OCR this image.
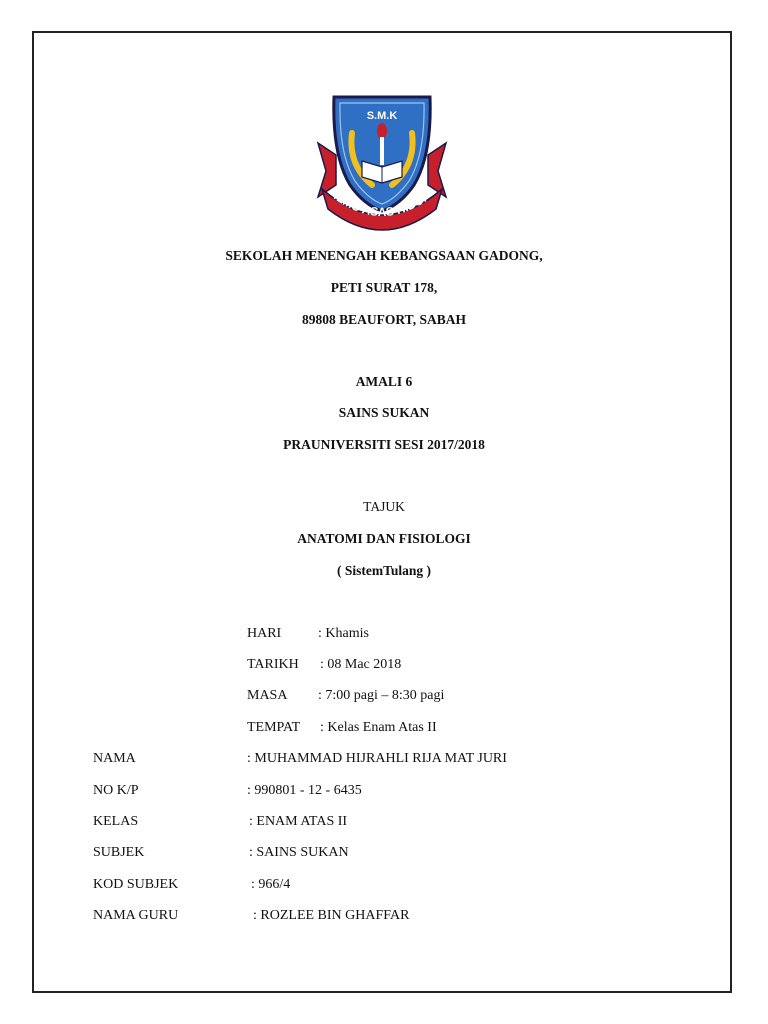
S.M.K
ILMU ASAS HIDUP
SEKOLAH MENENGAH KEBANGSAAN GADONG,
PETI SURAT 178,
89808 BEAUFORT, SABAH
AMALI 6
SAINS SUKAN
PRAUNIVERSITI SESI 2017/2018
TAJUK
ANATOMI DAN FISIOLOGI
( SistemTulang )
HARI	: Khamis
TARIKH : 08 Mac 2018
MASA : 7:00 pagi – 8:30 pagi
TEMPAT : Kelas Enam Atas II
NAMA	: MUHAMMAD HIJRAHLI RIJA MAT JURI
NO K/P	: 990801 - 12 - 6435
KELAS	: ENAM ATAS II
SUBJEK	: SAINS SUKAN
KOD SUBJEK	: 966/4
NAMA GURU	: ROZLEE BIN GHAFFAR
